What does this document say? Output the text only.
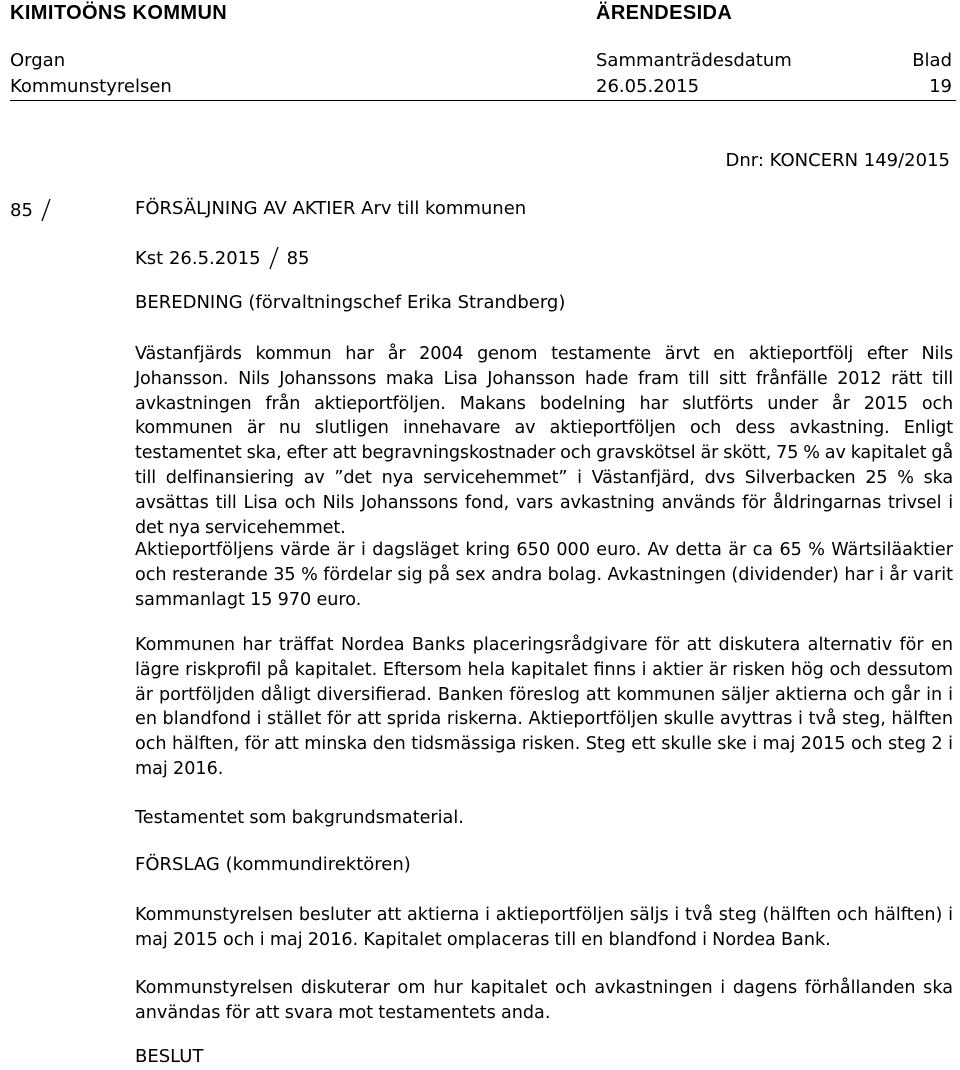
KIMITOÖNS KOMMUN	ÄRENDESIDA
Organ	Sammanträdesdatum	Blad
Kommunstyrelsen	26.05.2015	19
Dnr: KONCERN 149/2015
85	FÖRSÄLJNING AV AKTIER Arv till kommunen
Kst 26.5.2015 85
BEREDNING (förvaltningschef Erika Strandberg)

Västanfjärds kommun har år 2004 genom testamente ärvt en aktieportfölj efter Nils Johansson. Nils Johanssons maka Lisa Johansson hade fram till sitt frånfälle 2012 rätt till avkastningen från aktieportföljen. Makans bodelning har slutförts under år 2015 och kommunen är nu slutligen innehavare av aktieportföljen och dess avkastning. Enligt testamentet ska, efter att begravningskostnader och gravskötsel är skött, 75 % av kapitalet gå till delfinansiering av ”det nya servicehemmet” i Västanfjärd, dvs Silverbacken 25 % ska avsättas till Lisa och Nils Johanssons fond, vars avkastning används för åldringarnas trivsel i det nya servicehemmet.

Aktieportföljens värde är i dagsläget kring 650 000 euro. Av detta är ca 65 % Wärtsiläaktier och resterande 35 % fördelar sig på sex andra bolag. Avkastningen (dividender) har i år varit sammanlagt 15 970 euro.

Kommunen har träffat Nordea Banks placeringsrådgivare för att diskutera alternativ för en lägre riskprofil på kapitalet. Eftersom hela kapitalet finns i aktier är risken hög och dessutom är portföljden dåligt diversifierad. Banken föreslog att kommunen säljer aktierna och går in i en blandfond i stället för att sprida riskerna. Aktieportföljen skulle avyttras i två steg, hälften och hälften, för att minska den tidsmässiga risken. Steg ett skulle ske i maj 2015 och steg 2 i maj 2016.

Testamentet som bakgrundsmaterial.

FÖRSLAG (kommundirektören)

Kommunstyrelsen besluter att aktierna i aktieportföljen säljs i två steg (hälften och hälften) i maj 2015 och i maj 2016. Kapitalet omplaceras till en blandfond i Nordea Bank.

Kommunstyrelsen diskuterar om hur kapitalet och avkastningen i dagens förhållanden ska användas för att svara mot testamentets anda.

BESLUT
